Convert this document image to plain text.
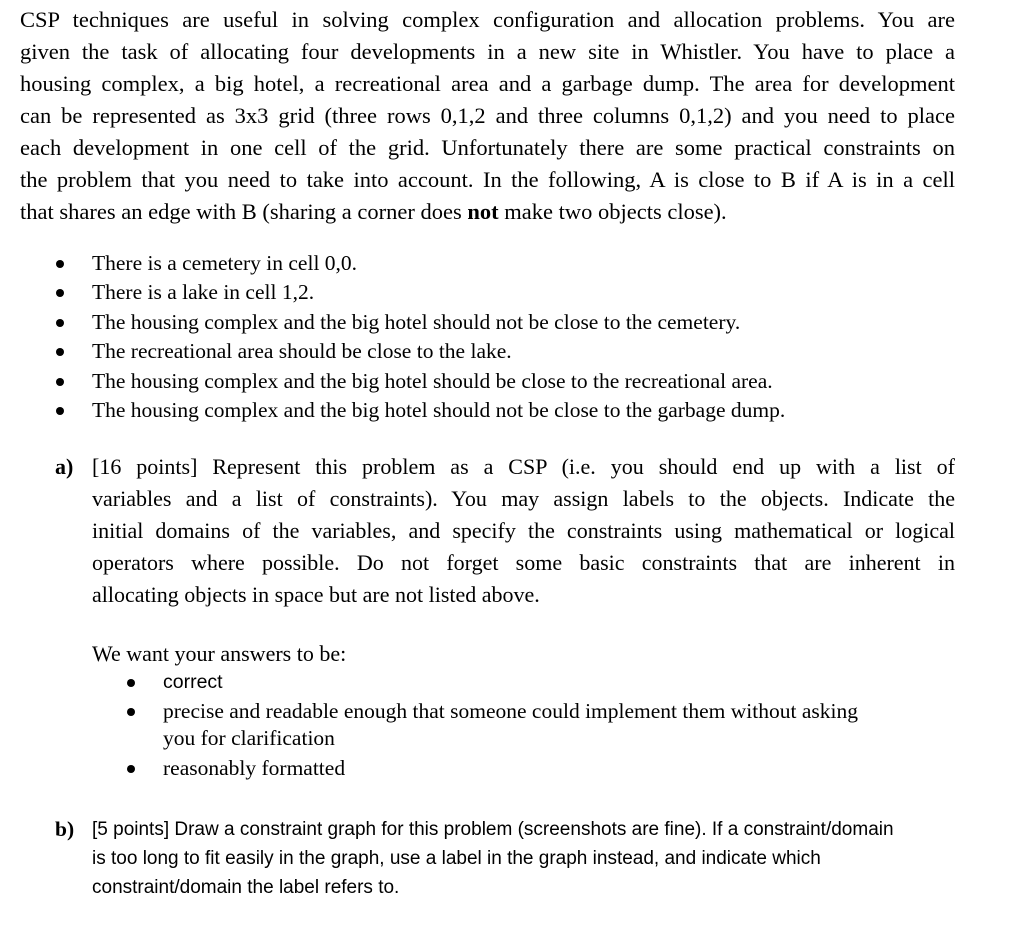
CSP techniques are useful in solving complex configuration and allocation problems. You are
given the task of allocating four developments in a new site in Whistler. You have to place a
housing complex, a big hotel, a recreational area and a garbage dump. The area for development
can be represented as 3x3 grid (three rows 0,1,2 and three columns 0,1,2) and you need to place
each development in one cell of the grid. Unfortunately there are some practical constraints on
the problem that you need to take into account. In the following, A is close to B if A is in a cell
that shares an edge with B (sharing a corner does not make two objects close).
There is a cemetery in cell 0,0.
There is a lake in cell 1,2.
The housing complex and the big hotel should not be close to the cemetery.
The recreational area should be close to the lake.
The housing complex and the big hotel should be close to the recreational area.
The housing complex and the big hotel should not be close to the garbage dump.
a) [16 points] Represent this problem as a CSP (i.e. you should end up with a list of
variables and a list of constraints). You may assign labels to the objects. Indicate the
initial domains of the variables, and specify the constraints using mathematical or logical
operators where possible. Do not forget some basic constraints that are inherent in
allocating objects in space but are not listed above.
We want your answers to be:
correct
precise and readable enough that someone could implement them without asking
you for clarification
reasonably formatted
b) [5 points] Draw a constraint graph for this problem (screenshots are fine). If a constraint/domain
is too long to fit easily in the graph, use a label in the graph instead, and indicate which
constraint/domain the label refers to.
